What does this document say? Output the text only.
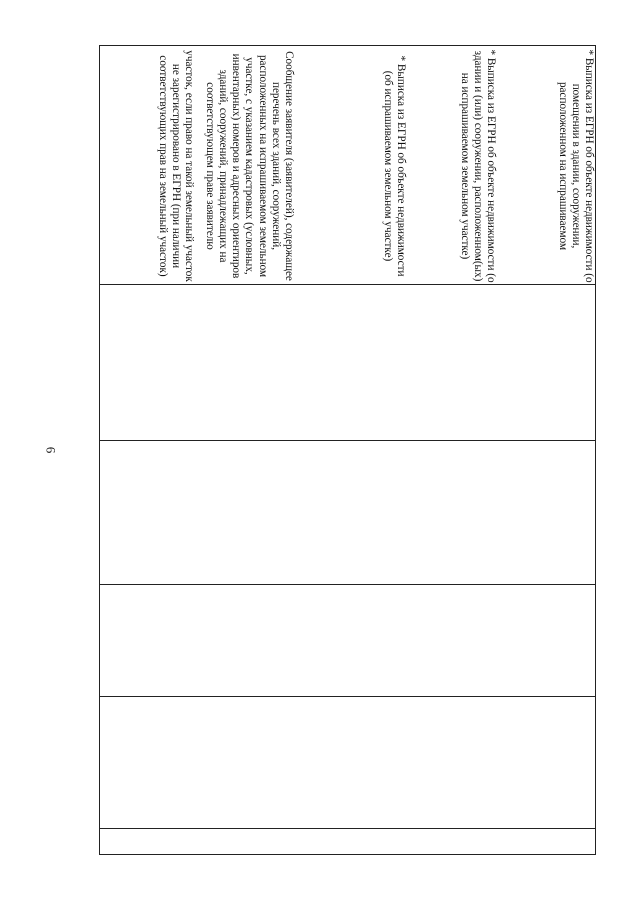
6

участок, если право на такой земельный участок не зарегистрировано в ЕГРН (при наличии соответствующих прав на земельный участок)	Сообщение заявителя (заявителей), содержащее перечень всех зданий, сооружений, расположенных на испрашиваемом земельном участке, с указанием кадастровых (условных, инвентарных) номеров и адресных ориентиров зданий, сооружений, принадлежащих на соответствующем праве заявителю	* Выписка из ЕГРН об объекте недвижимости (об испрашиваемом земельном участке)	* Выписка из ЕГРН об объекте недвижимости (о здании и (или) сооружении, расположенном(ых) на испрашиваемом земельном участке)	* Выписка из ЕГРН об объекте недвижимости (о помещении в здании, сооружении, расположенном на испрашиваемом
